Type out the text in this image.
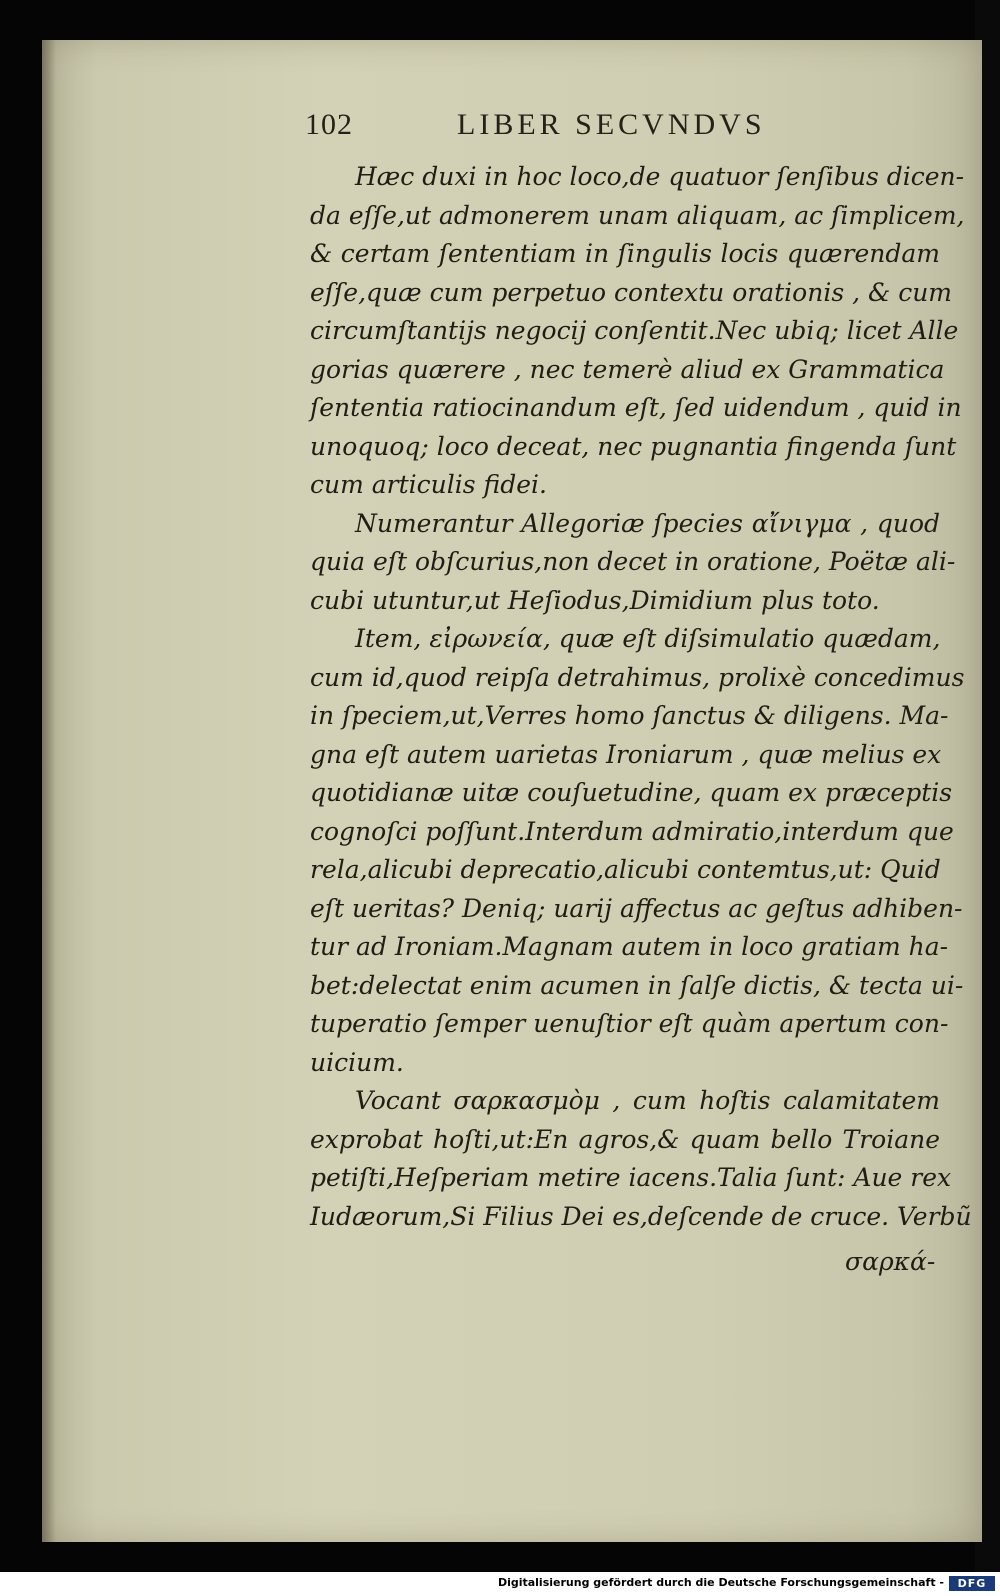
102	LIBER SECVNDVS
Hæc duxi in hoc loco,de quatuor ſenſibus dicen-
da eſſe,ut admonerem unam aliquam, ac ſimplicem,
& certam ſententiam in ſingulis locis quærendam
eſſe,quæ cum perpetuo contextu orationis , & cum
circumſtantijs negocij conſentit.Nec ubiq; licet Alle
gorias quærere , nec temerè aliud ex Grammatica
ſententia ratiocinandum eſt, ſed uidendum , quid in
unoquoq; loco deceat, nec pugnantia fingenda ſunt
cum articulis fidei.
Numerantur Allegoriæ ſpecies αἴνιγμα , quod
quia eſt obſcurius,non decet in oratione, Poëtæ ali-
cubi utuntur,ut Heſiodus,Dimidium plus toto.
Item, εἰρωνεία, quæ eſt diſsimulatio quædam,
cum id,quod reipſa detrahimus, prolixè concedimus
in ſpeciem,ut,Verres homo ſanctus & diligens. Ma-
gna eſt autem uarietas Ironiarum , quæ melius ex
quotidianæ uitæ couſuetudine, quam ex præceptis
cognoſci poſſunt.Interdum admiratio,interdum que
rela,alicubi deprecatio,alicubi contemtus,ut: Quid
eſt ueritas? Deniq; uarij affectus ac geſtus adhiben-
tur ad Ironiam.Magnam autem in loco gratiam ha-
bet:delectat enim acumen in ſalſe dictis, & tecta ui-
tuperatio ſemper uenuſtior eſt quàm apertum con-
uicium.
Vocant σαρκασμὸμ , cum hoſtis calamitatem
exprobat hoſti,ut:En agros,& quam bello Troiane
petiſti,Heſperiam metire iacens.Talia ſunt: Aue rex
Iudæorum,Si Filius Dei es,deſcende de cruce. Verbũ
σαρκά-
Digitalisierung gefördert durch die Deutsche Forschungsgemeinschaft -	DFG
